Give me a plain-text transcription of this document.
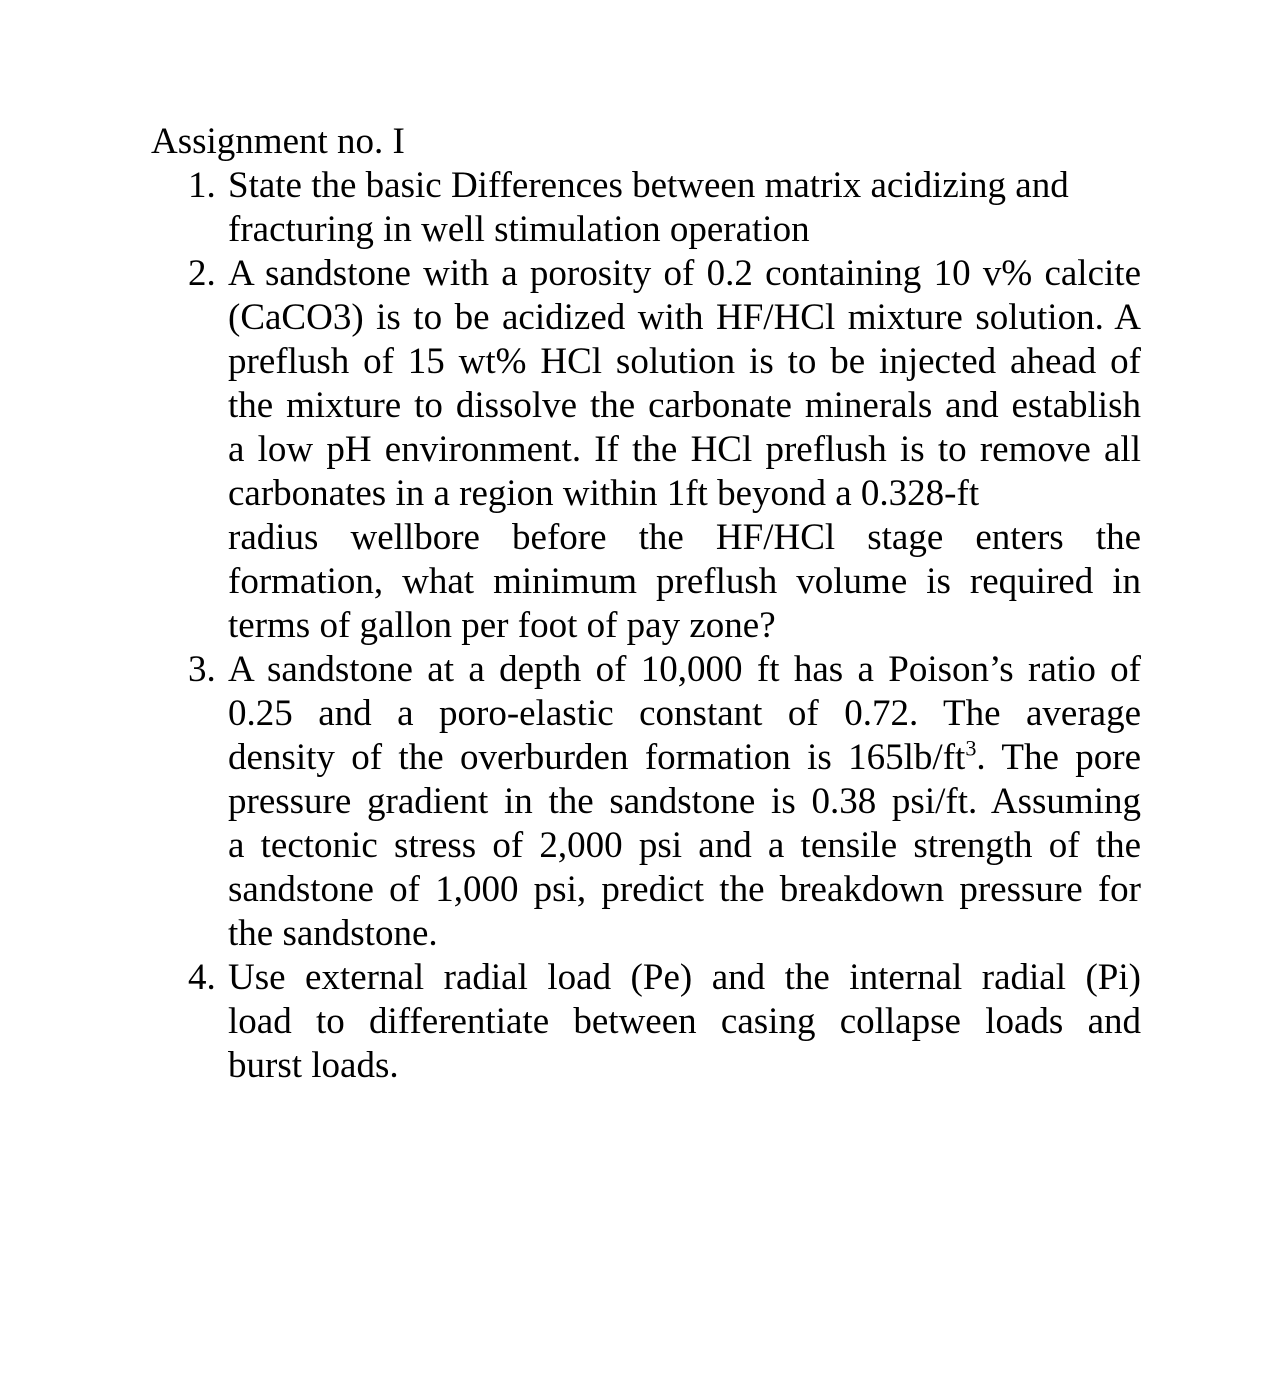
Assignment no. I
1. State the basic Differences between matrix acidizing and
fracturing in well stimulation operation
2. A sandstone with a porosity of 0.2 containing 10 v% calcite
(CaCO3) is to be acidized with HF/HCl mixture solution. A
preflush of 15 wt% HCl solution is to be injected ahead of
the mixture to dissolve the carbonate minerals and establish
a low pH environment. If the HCl preflush is to remove all
carbonates in a region within 1ft beyond a 0.328-ft
radius wellbore before the HF/HCl stage enters the
formation, what minimum preflush volume is required in
terms of gallon per foot of pay zone?
3. A sandstone at a depth of 10,000 ft has a Poison’s ratio of
0.25 and a poro-elastic constant of 0.72. The average
density of the overburden formation is $165lb/ft^3$. The pore
pressure gradient in the sandstone is 0.38 psi/ft. Assuming
a tectonic stress of 2,000 psi and a tensile strength of the
sandstone of 1,000 psi, predict the breakdown pressure for
the sandstone.
4. Use external radial load (Pe) and the internal radial (Pi)
load to differentiate between casing collapse loads and
burst loads.
